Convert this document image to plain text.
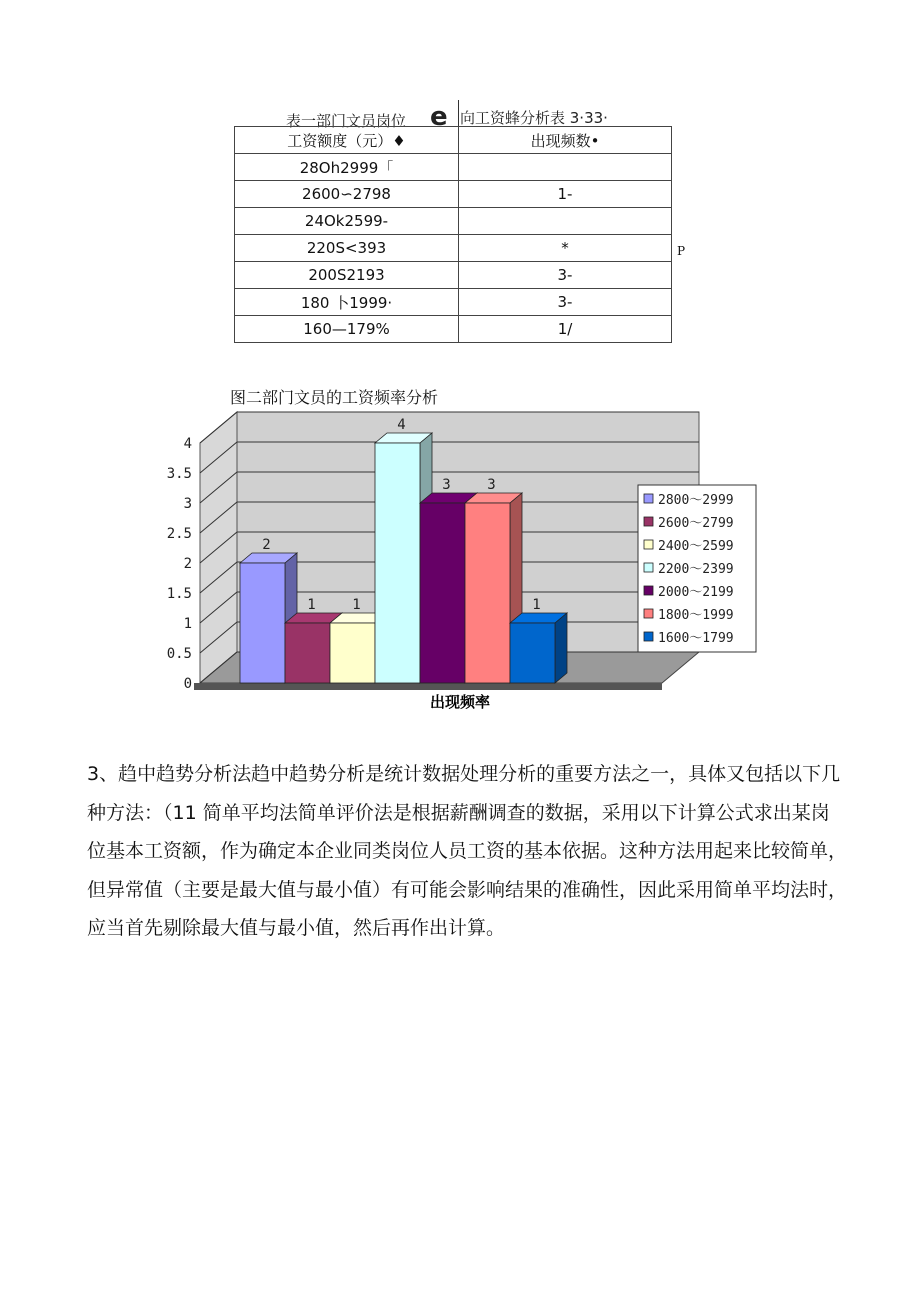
表一部门文员岗位 e 向工资蜂分析表 3·33·
工资额度（元）♦	出现频数•
28Oh2999「	
2600∽2798	1-
24Ok2599-	
220S<393	*
200S2193	3-
180 卜1999·	3-
160—179%	1/
P
图二部门文员的工资频率分析
0
0.5
1
1.5
2
2.5
3
3.5
4
2
1	1
4
3	3
1
出现频率
2800～2999
2600～2799
2400～2599
2200～2399
2000～2199
1800～1999
1600～1799
3、趋中趋势分析法趋中趋势分析是统计数据处理分析的重要方法之一，具体又包括以下几种方法：（11 简单平均法简单评价法是根据薪酬调查的数据，采用以下计算公式求出某岗位基本工资额，作为确定本企业同类岗位人员工资的基本依据。这种方法用起来比较简单，但异常值（主要是最大值与最小值）有可能会影响结果的准确性，因此采用简单平均法时，应当首先剔除最大值与最小值，然后再作出计算。
